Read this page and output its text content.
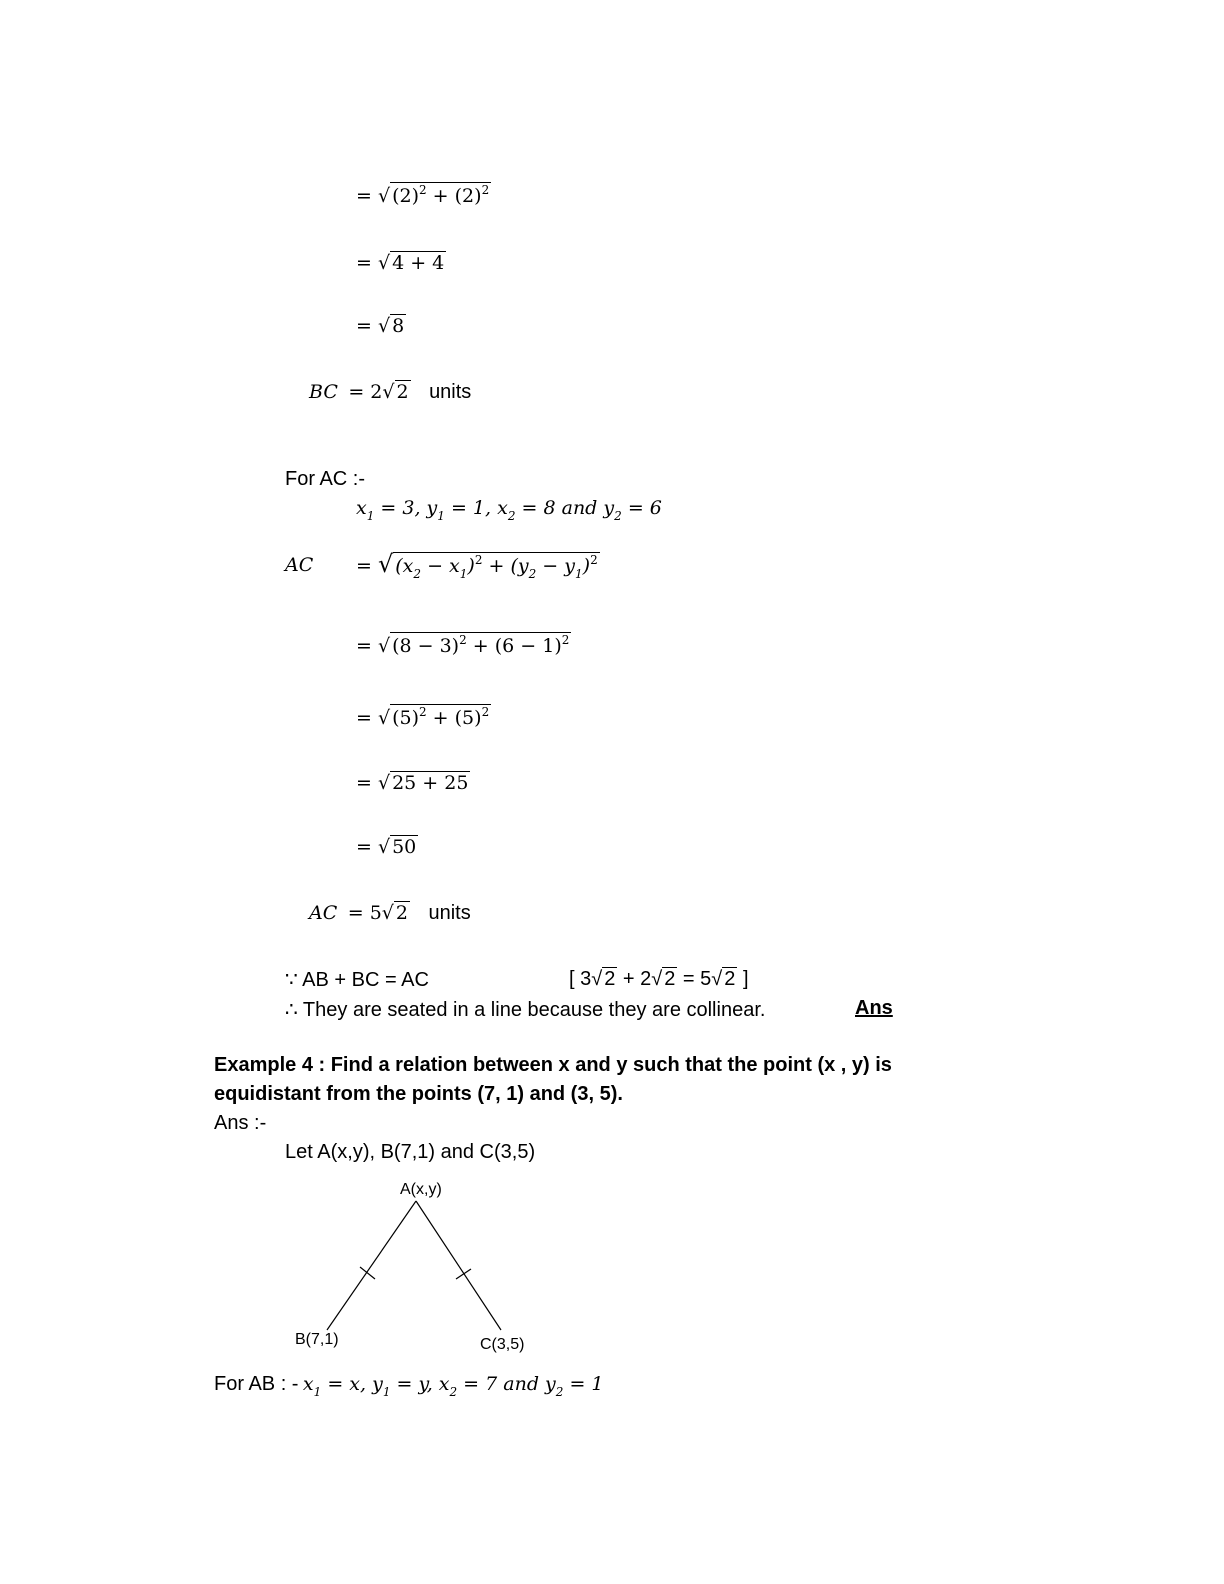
= √ $(2)^2 + (2)^2$
= √ 4 + 4
= √ 8
BC  = 2√ 2 units
For AC :-
$x_1 = 3$, $y_1 = 1$, $x_2 = 8$ and $y_2 = 6$
AC = √ $(x_2 - x_1)^2 + (y_2 - y_1)^2$
= √ $(8 - 3)^2 + (6 - 1)^2$
= √ $(5)^2 + (5)^2$
= √ 25 + 25
= √ 50
AC  = 5√ 2 units
∵ AB + BC = AC	[ 3√ 2 + 2√ 2 = 5√ 2 ]
∴ They are seated in a line because they are collinear.	Ans
Example 4 : Find a relation between x and y such that the point (x , y) is
equidistant from the points (7, 1) and (3, 5).
Ans :-
Let A(x,y), B(7,1) and C(3,5)
A(x,y)
B(7,1)	C(3,5)
For AB : - $x_1 = x$, $y_1 = y$, $x_2 = 7$ and $y_2 = 1$
